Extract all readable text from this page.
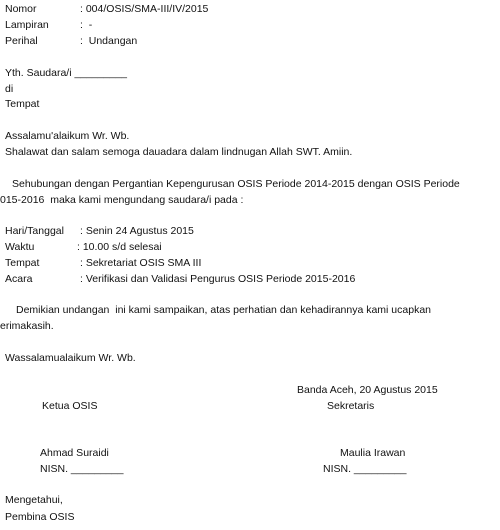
Nomor	: 004/OSIS/SMA-III/IV/2015
Lampiran	:  -
Perihal	:  Undangan
Yth. Saudara/i _________
di
Tempat
Assalamu'alaikum Wr. Wb.
Shalawat dan salam semoga dauadara dalam lindnugan Allah SWT. Amiin.
Sehubungan dengan Pergantian Kepengurusan OSIS Periode 2014-2015 dengan OSIS Periode
015-2016  maka kami mengundang saudara/i pada :
Hari/Tanggal : Senin 24 Agustus 2015
Waktu	: 10.00 s/d selesai
Tempat	: Sekretariat OSIS SMA III
Acara	: Verifikasi dan Validasi Pengurus OSIS Periode 2015-2016
Demikian undangan  ini kami sampaikan, atas perhatian dan kehadirannya kami ucapkan
erimakasih.
Wassalamualaikum Wr. Wb.
Banda Aceh, 20 Agustus 2015
Ketua OSIS	Sekretaris
Ahmad Suraidi	Maulia Irawan
NISN. _________	NISN. _________
Mengetahui,
Pembina OSIS
